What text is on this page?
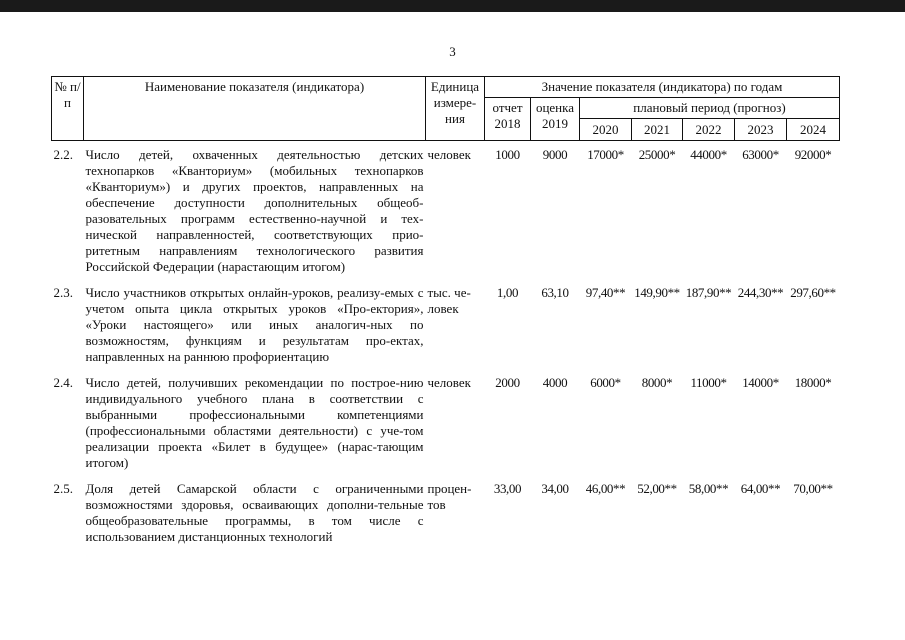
3
№ п/п	Наименование показателя (индикатора)	Единица измере-ния	Значение показателя (индикатора) по годам						
			отчет 2018	оценка 2019	плановый период (прогноз)				
					2020	2021	2022	2023	2024
2.2.	Число детей, охваченных деятельностью детских технопарков «Кванториум» (мобильных технопарков «Кванториум») и других проектов, направленных на обеспечение доступности дополнительных общеоб-разовательных программ естественно-научной и тех-нической направленностей, соответствующих прио-ритетным направлениям технологического развития Российской Федерации (нарастающим итогом)	человек	1000	9000	17000*	25000*	44000*	63000*	92000*
2.3.	Число участников открытых онлайн-уроков, реализу-емых с учетом опыта цикла открытых уроков «Про-ектория», «Уроки настоящего» или иных аналогич-ных по возможностям, функциям и результатам про-ектах, направленных на раннюю профориентацию	тыс. че-ловек	1,00	63,10	97,40**	149,90**	187,90**	244,30**	297,60**
2.4.	Число детей, получивших рекомендации по построе-нию индивидуального учебного плана в соответствии с выбранными профессиональными компетенциями (профессиональными областями деятельности) с уче-том реализации проекта «Билет в будущее» (нарас-тающим итогом)	человек	2000	4000	6000*	8000*	11000*	14000*	18000*
2.5.	Доля детей Самарской области с ограниченными возможностями здоровья, осваивающих дополни-тельные общеобразовательные программы, в том числе с использованием дистанционных технологий	процен-тов	33,00	34,00	46,00**	52,00**	58,00**	64,00**	70,00**
